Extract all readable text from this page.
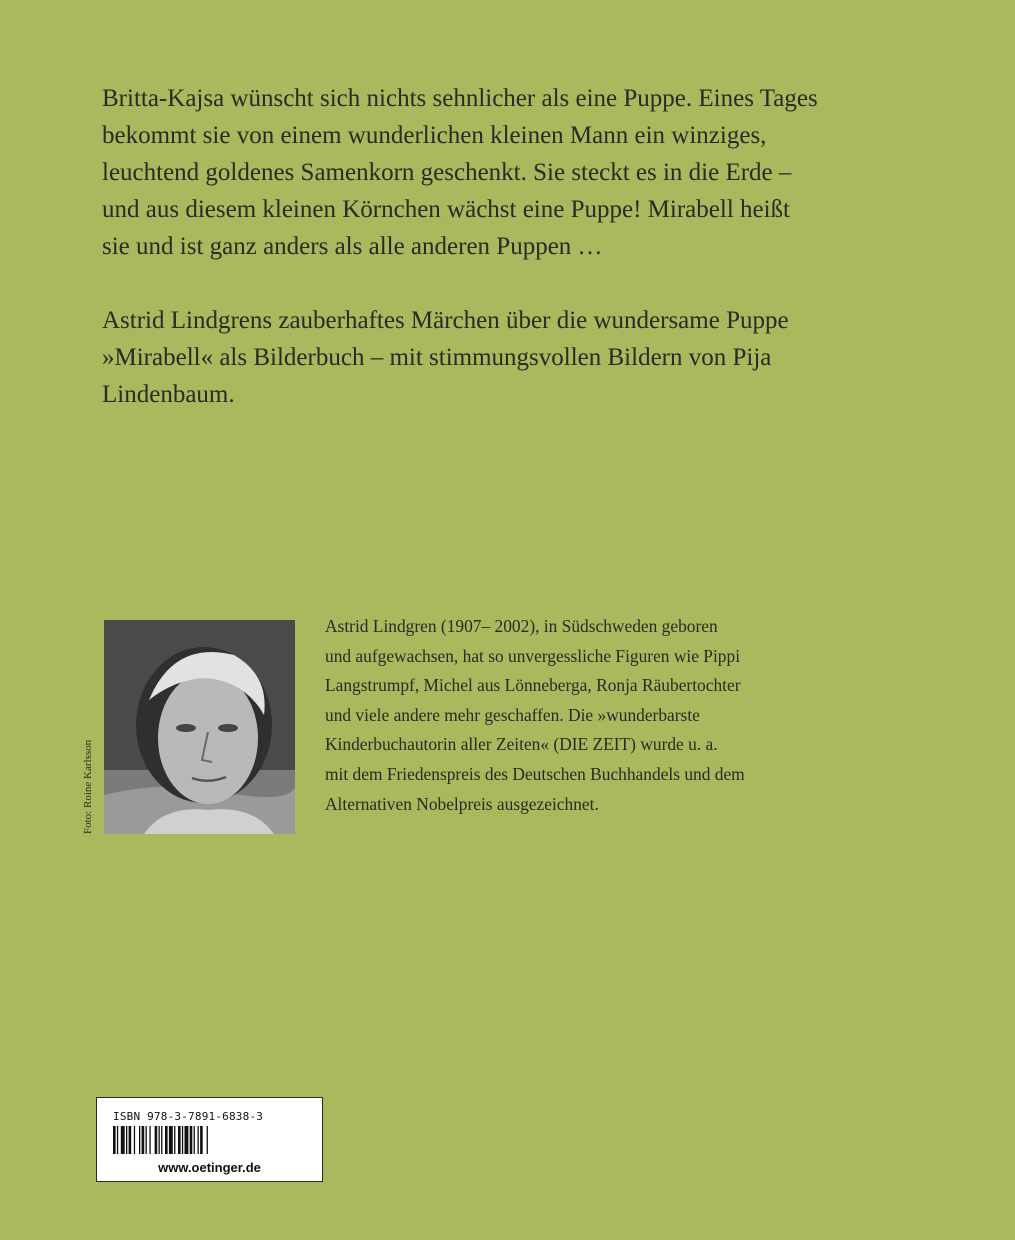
Britta-Kajsa wünscht sich nichts sehnlicher als eine Puppe. Eines Tages bekommt sie von einem wunderlichen kleinen Mann ein winziges, leuchtend goldenes Samenkorn geschenkt. Sie steckt es in die Erde – und aus diesem kleinen Körnchen wächst eine Puppe! Mirabell heißt sie und ist ganz anders als alle anderen Puppen …

Astrid Lindgrens zauberhaftes Märchen über die wundersame Puppe »Mirabell« als Bilderbuch – mit stimmungsvollen Bildern von Pija Lindenbaum.

Foto: Roine Karlsson

Astrid Lindgren (1907– 2002), in Südschweden geboren und aufgewachsen, hat so unvergessliche Figuren wie Pippi Langstrumpf, Michel aus Lönneberga, Ronja Räubertochter und viele andere mehr geschaffen. Die »wunderbarste Kinderbuchautorin aller Zeiten« (DIE ZEIT) wurde u. a. mit dem Friedenspreis des Deutschen Buchhandels und dem Alternativen Nobelpreis ausgezeichnet.

ISBN 978-3-7891-6838-3
www.oetinger.de
